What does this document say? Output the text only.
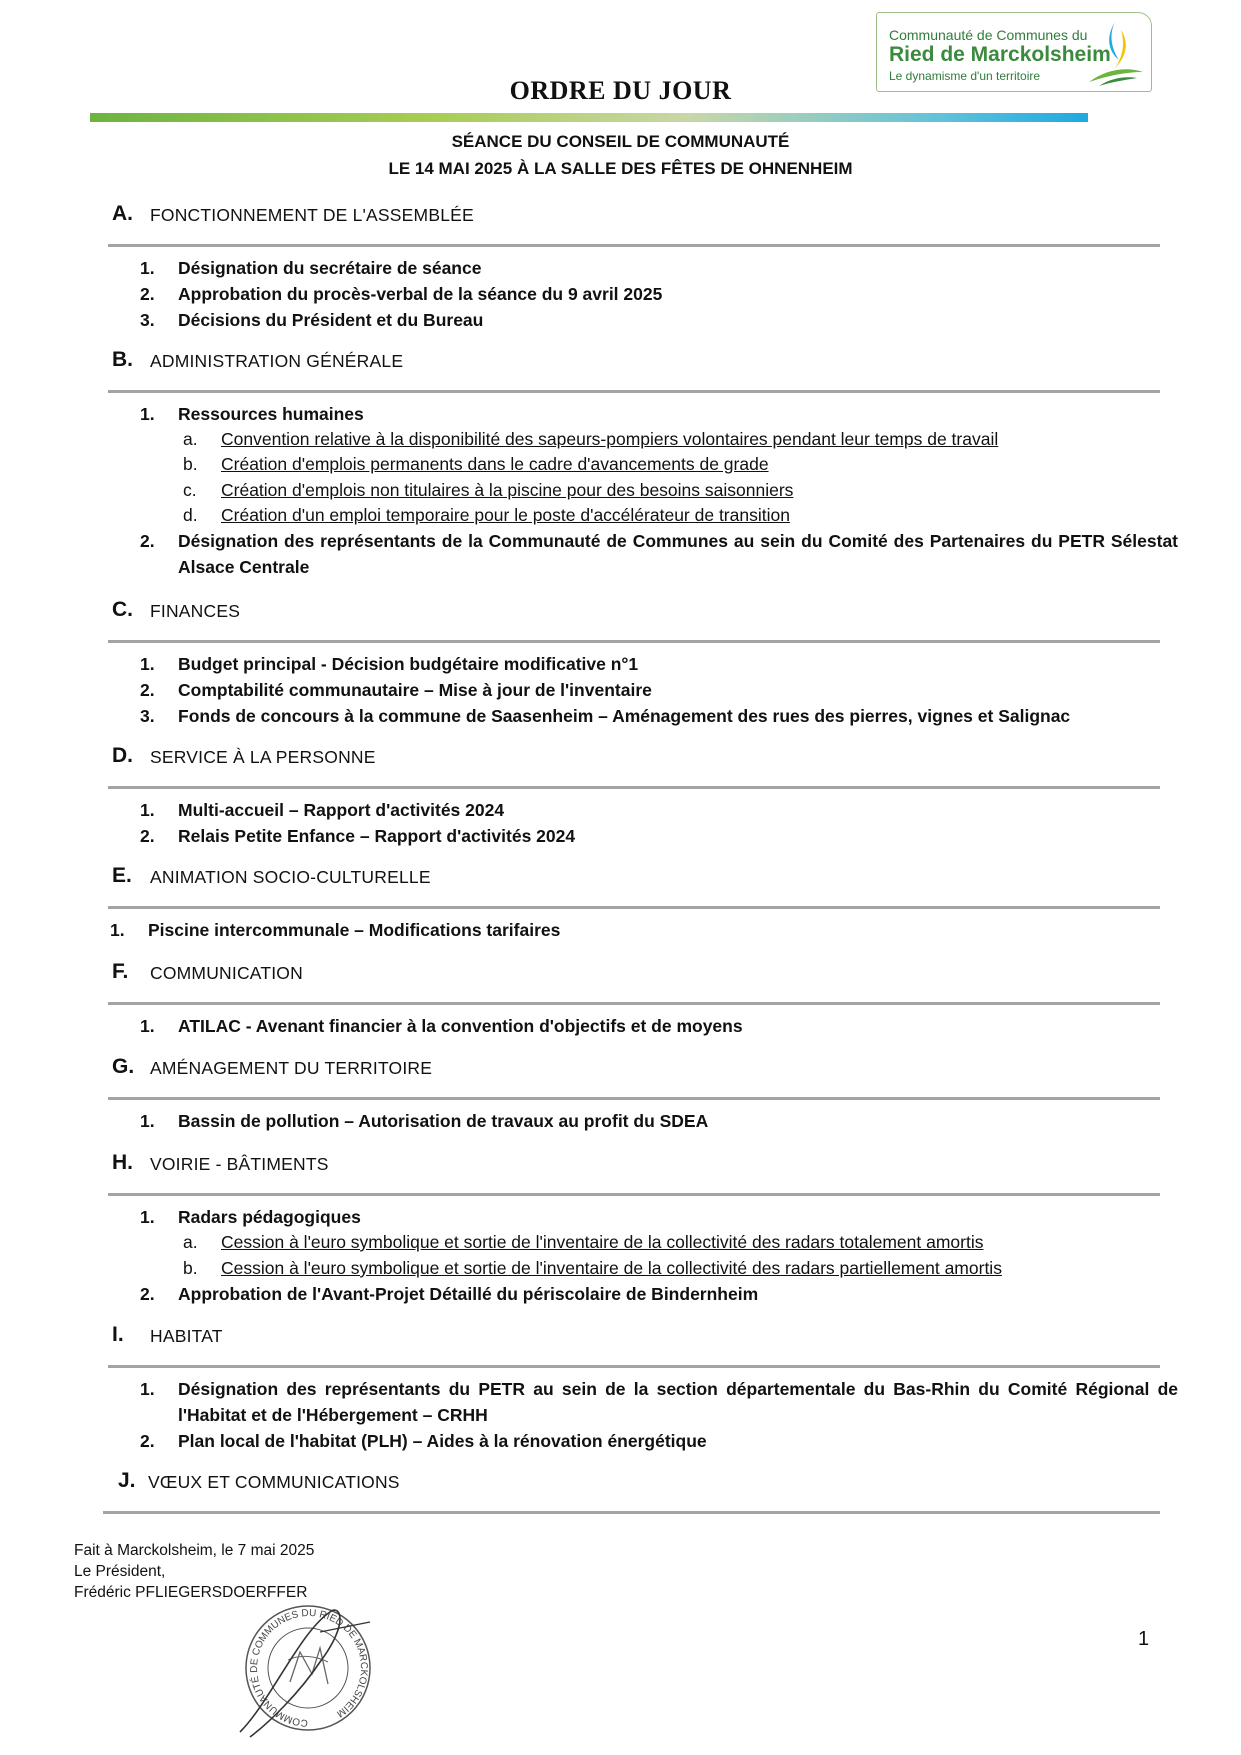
Communauté de Communes du
Ried de Marckolsheim
Le dynamisme d'un territoire
ORDRE DU JOUR
SÉANCE DU CONSEIL DE COMMUNAUTÉ
LE 14 MAI 2025 À LA SALLE DES FÊTES DE OHNENHEIM
A. FONCTIONNEMENT DE L'ASSEMBLÉE
1. Désignation du secrétaire de séance
2. Approbation du procès-verbal de la séance du 9 avril 2025
3. Décisions du Président et du Bureau
B. ADMINISTRATION GÉNÉRALE
1. Ressources humaines
a. Convention relative à la disponibilité des sapeurs-pompiers volontaires pendant leur temps de travail
b. Création d'emplois permanents dans le cadre d'avancements de grade
c. Création d'emplois non titulaires à la piscine pour des besoins saisonniers
d. Création d'un emploi temporaire pour le poste d'accélérateur de transition
2. Désignation des représentants de la Communauté de Communes au sein du Comité des Partenaires du PETR Sélestat Alsace Centrale
C. FINANCES
1. Budget principal - Décision budgétaire modificative n°1
2. Comptabilité communautaire – Mise à jour de l'inventaire
3. Fonds de concours à la commune de Saasenheim – Aménagement des rues des pierres, vignes et Salignac
D. SERVICE À LA PERSONNE
1. Multi-accueil – Rapport d'activités 2024
2. Relais Petite Enfance – Rapport d'activités 2024
E. ANIMATION SOCIO-CULTURELLE
1. Piscine intercommunale – Modifications tarifaires
F. COMMUNICATION
1. ATILAC - Avenant financier à la convention d'objectifs et de moyens
G. AMÉNAGEMENT DU TERRITOIRE
1. Bassin de pollution – Autorisation de travaux au profit du SDEA
H. VOIRIE - BÂTIMENTS
1. Radars pédagogiques
a. Cession à l'euro symbolique et sortie de l'inventaire de la collectivité des radars totalement amortis
b. Cession à l'euro symbolique et sortie de l'inventaire de la collectivité des radars partiellement amortis
2. Approbation de l'Avant-Projet Détaillé du périscolaire de Bindernheim
I. HABITAT
1. Désignation des représentants du PETR au sein de la section départementale du Bas-Rhin du Comité Régional de l'Habitat et de l'Hébergement – CRHH
2. Plan local de l'habitat (PLH) – Aides à la rénovation énergétique
J. VŒUX ET COMMUNICATIONS
Fait à Marckolsheim, le 7 mai 2025
Le Président,
Frédéric PFLIEGERSDOERFFER
COMMUNAUTÉ DE COMMUNES DU RIED DE MARCKOLSHEIM
1
